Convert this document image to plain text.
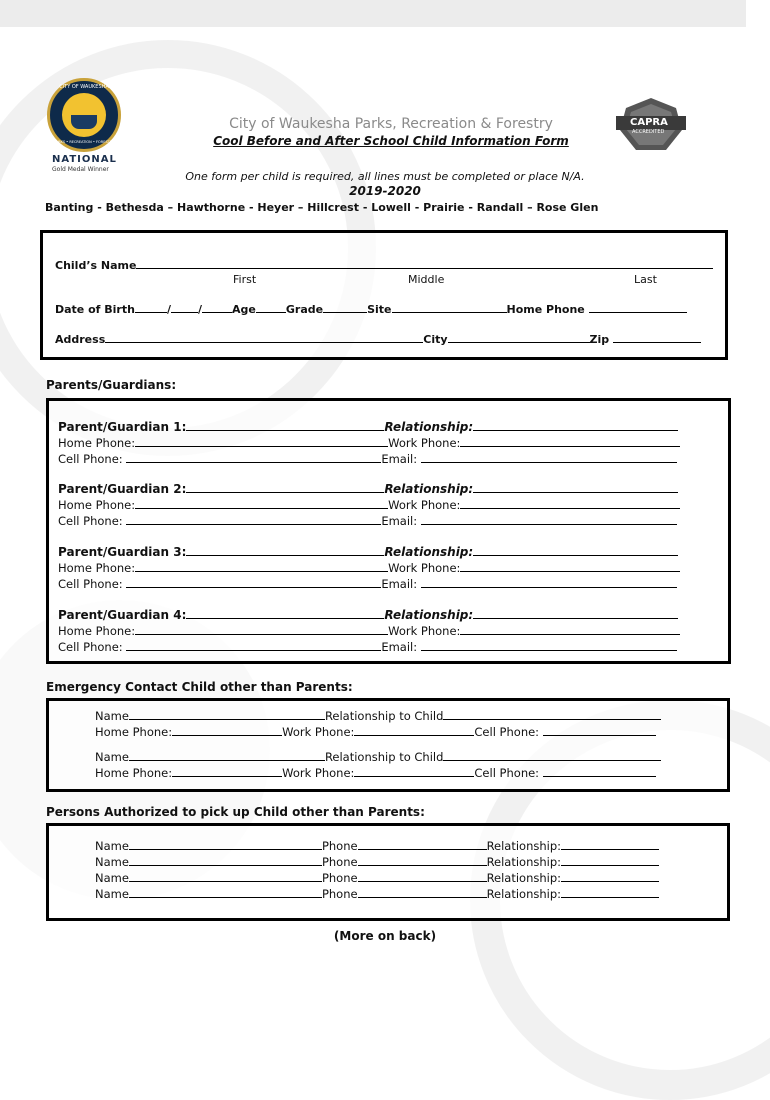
CITY OF WAUKESHA
PARKS • RECREATION • FORESTRY
NATIONAL
Gold Medal Winner
CAPRA
ACCREDITED
City of Waukesha Parks, Recreation & Forestry
Cool Before and After School Child Information Form
One form per child is required, all lines must be completed or place N/A.
2019-2020
Banting - Bethesda – Hawthorne - Heyer – Hillcrest - Lowell - Prairie - Randall – Rose Glen
Child’s Name
First	Middle	Last
Date of Birth	/ /	Age	Grade	Site	Home Phone
Address	City	Zip
Parents/Guardians:
Parent/Guardian 1:	Relationship:
Home Phone:	Work Phone:
Cell Phone:	Email:
Parent/Guardian 2:	Relationship:
Home Phone:	Work Phone:
Cell Phone:	Email:
Parent/Guardian 3:	Relationship:
Home Phone:	Work Phone:
Cell Phone:	Email:
Parent/Guardian 4:	Relationship:
Home Phone:	Work Phone:
Cell Phone:	Email:
Emergency Contact Child other than Parents:
Name	Relationship to Child
Home Phone:	Work Phone:	Cell Phone:
Name	Relationship to Child
Home Phone:	Work Phone:	Cell Phone:
Persons Authorized to pick up Child other than Parents:
Name	Phone	Relationship:
Name	Phone	Relationship:
Name	Phone	Relationship:
Name	Phone	Relationship:
(More on back)
